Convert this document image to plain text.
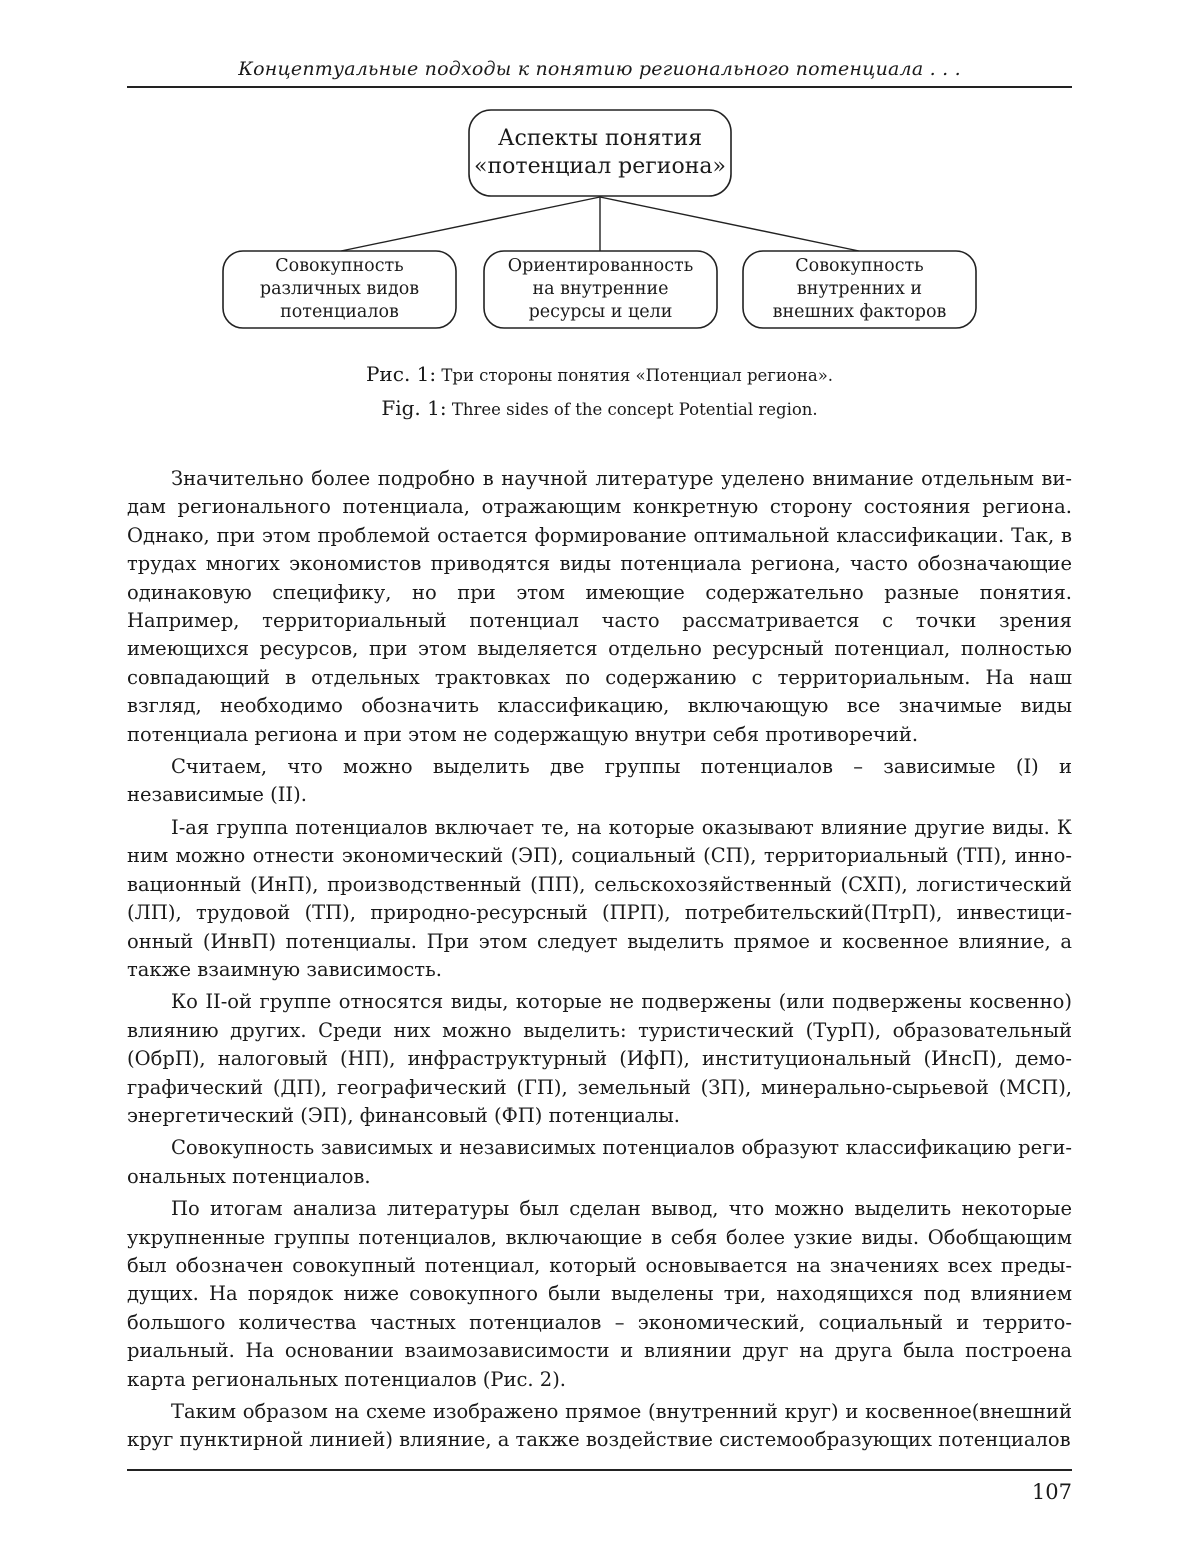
Концептуальные подходы к понятию регионального потенциала . . .
Аспекты понятия
«потенциал региона»
Совокупность
различных видов
потенциалов
Ориентированность
на внутренние
ресурсы и цели
Совокупность
внутренних и
внешних факторов
Рис. 1: Три стороны понятия «Потенциал региона».
Fig. 1: Three sides of the concept Potential region.

Значительно более подробно в научной литературе уделено внимание отдельным видам регионального потенциала, отражающим конкретную сторону состояния региона. Однако, при этом проблемой остается формирование оптимальной классификации. Так, в трудах многих экономистов приводятся виды потенциала региона, часто обозначающие одинаковую специфику, но при этом имеющие содержательно разные понятия. Например, территориальный потенциал часто рассматривается с точки зрения имеющихся ресурсов, при этом выделяется отдельно ресурсный потенциал, полностью совпадающий в отдельных трактовках по содержанию с территориальным. На наш взгляд, необходимо обозначить классификацию, включающую все значимые виды потенциала региона и при этом не содержащую внутри себя противоречий.

Считаем, что можно выделить две группы потенциалов – зависимые (I) и независимые (II).

I-ая группа потенциалов включает те, на которые оказывают влияние другие виды. К ним можно отнести экономический (ЭП), социальный (СП), территориальный (ТП), инновационный (ИнП), производственный (ПП), сельскохозяйственный (СХП), логистический (ЛП), трудовой (ТП), природно-ресурсный (ПРП), потребительский(ПтрП), инвестиционный (ИнвП) потенциалы. При этом следует выделить прямое и косвенное влияние, а также взаимную зависимость.

Ко II-ой группе относятся виды, которые не подвержены (или подвержены косвенно) влиянию других. Среди них можно выделить: туристический (ТурП), образовательный (ОбрП), налоговый (НП), инфраструктурный (ИфП), институциональный (ИнсП), демографический (ДП), географический (ГП), земельный (ЗП), минерально-сырьевой (МСП), энергетический (ЭП), финансовый (ФП) потенциалы.

Совокупность зависимых и независимых потенциалов образуют классификацию региональных потенциалов.

По итогам анализа литературы был сделан вывод, что можно выделить некоторые укрупненные группы потенциалов, включающие в себя более узкие виды. Обобщающим был обозначен совокупный потенциал, который основывается на значениях всех предыдущих. На порядок ниже совокупного были выделены три, находящихся под влиянием большого количества частных потенциалов – экономический, социальный и территориальный. На основании взаимозависимости и влиянии друг на друга была построена карта региональных потенциалов (Рис. 2).

Таким образом на схеме изображено прямое (внутренний круг) и косвенное(внешний круг пунктирной линией) влияние, а также воздействие системообразующих потенциалов

107
